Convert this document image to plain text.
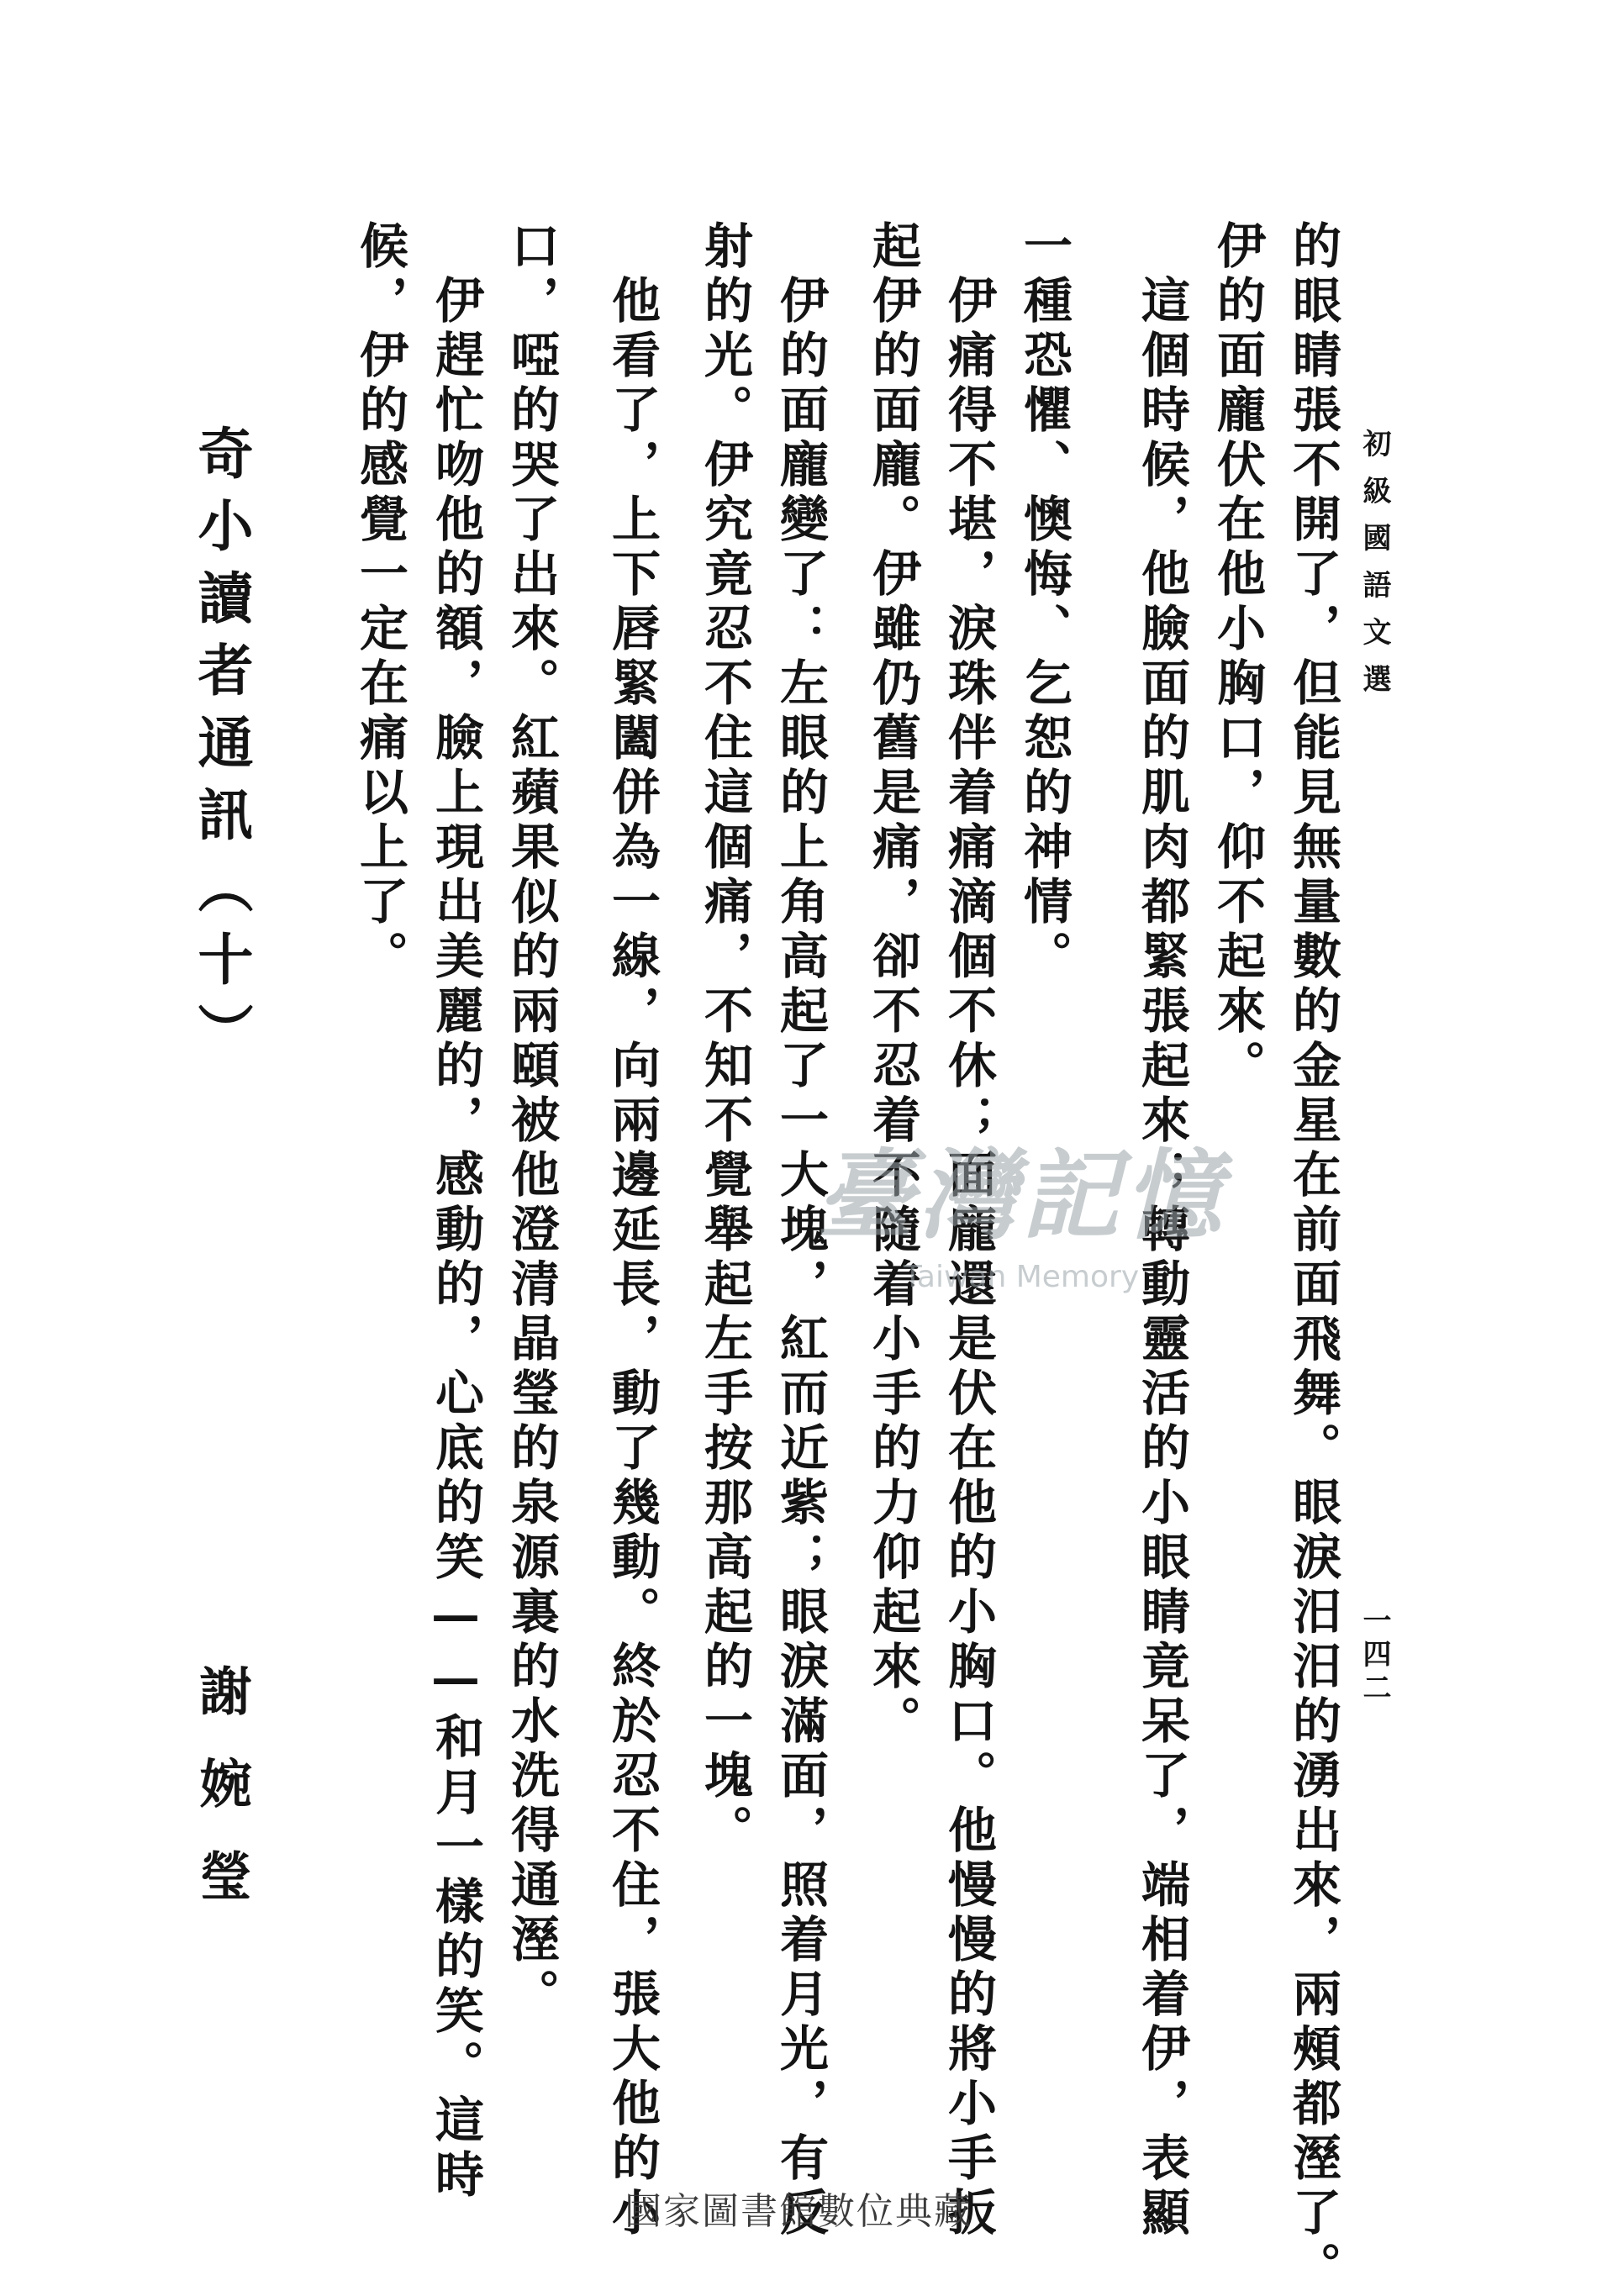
初級國語文選
一四二
的眼睛張不開了，但能見無量數的金星在前面飛舞。眼淚汨汨的湧出來，兩頰都溼了。
伊的面龐伏在他小胸口，仰不起來。
　這個時候，他臉面的肌肉都緊張起來；轉動靈活的小眼睛竟呆了，端相着伊，表顯
一種恐懼、懊悔、乞恕的神情。
　伊痛得不堪，淚珠伴着痛滴個不休；面龐還是伏在他的小胸口。他慢慢的將小手扳
起伊的面龐。伊雖仍舊是痛，卻不忍着不隨着小手的力仰起來。
　伊的面龐變了：左眼的上角高起了一大塊，紅而近紫；眼淚滿面，照着月光，有反
射的光。伊究竟忍不住這個痛，不知不覺舉起左手按那高起的一塊。
　他看了，上下唇緊闔併為一線，向兩邊延長，動了幾動。終於忍不住，張大他的小
口，啞的哭了出來。紅蘋果似的兩頤被他澄清晶瑩的泉源裏的水洗得通溼。
　伊趕忙吻他的額，臉上現出美麗的，感動的，心底的笑——和月一樣的笑。這時
候，伊的感覺一定在痛以上了。
奇小讀者通訊（十）
謝婉瑩
臺灣記憶
Taiwan Memory
國家圖書館數位典藏
